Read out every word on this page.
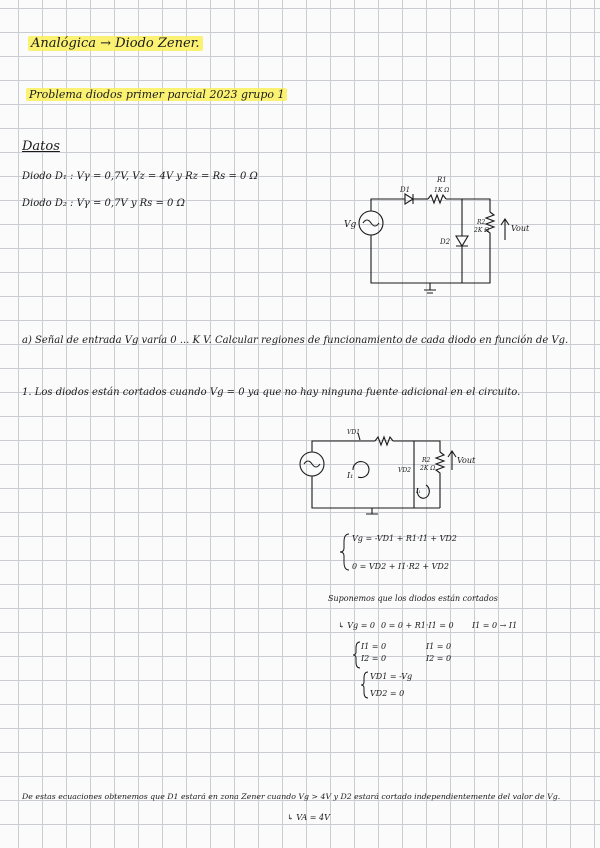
Analógica → Diodo Zener.
Problema diodos primer parcial 2023 grupo 1
Datos
Diodo D₁ : Vγ = 0,7V, Vz = 4V y Rz = Rs = 0 Ω
Diodo D₂ : Vγ = 0,7V y Rs = 0 Ω
Vg
D1
R1
1K Ω
R2
2K Ω
D2
Vout
a) Señal de entrada Vg varía 0 ... K V. Calcular regiones de funcionamiento de cada diodo en función de Vg.
1. Los diodos están cortados cuando Vg = 0 ya que no hay ninguna fuente adicional en el circuito.
VD1
I₁
VD2
R2
2K Ω
Vout
I₁
Vg = -VD1 + R1·I1 + VD2
0 = VD2 + I1·R2 + VD2
Suponemos que los diodos están cortados
↳ Vg = 0 0 = 0 + R1·I1 = 0 I1 = 0 → I1
I1 = 0
I2 = 0
I1 = 0
I2 = 0
VD1 = -Vg
VD2 = 0
De estas ecuaciones obtenemos que D1 estará en zona Zener cuando Vg > 4V y D2 estará cortado independientemente del valor de Vg.
↳ VA = 4V
